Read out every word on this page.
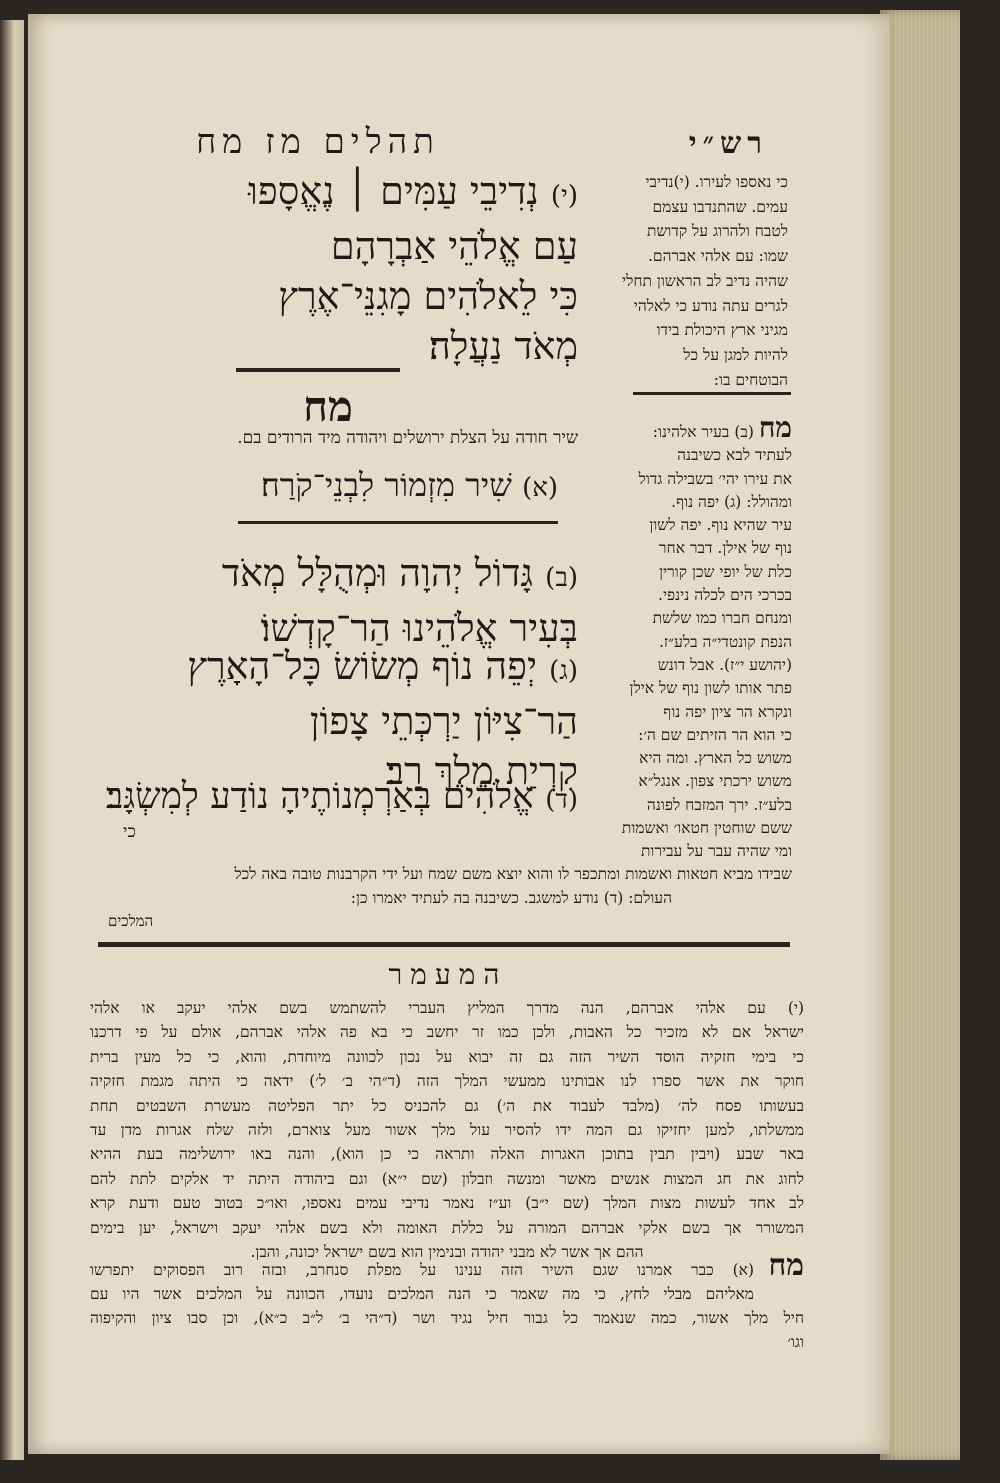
תהלים מז מח	רש״י
(י) נְדִיבֵי עַמִּים ׀ נֶאֱסָפוּ
עַם אֱלֹהֵי אַבְרָהָם
כִּי לֵאלֹהִים מָגִנֵּי־אֶרֶץ
מְאֹד נַעֲלָה׃
מח
שיר חודה על הצלת ירושלים ויהודה מיד הרודים בם.
(א) שִׁיר מִזְמוֹר לִבְנֵי־קֹרַח׃
(ב) גָּדוֹל יְהוָה וּמְהֻלָּל מְאֹד
בְּעִיר אֱלֹהֵינוּ הַר־קָדְשׁוֹ׃
(ג) יְפֵה נוֹף מְשׂוֹשׂ כָּל־הָאָרֶץ
הַר־צִיּוֹן יַרְכְּתֵי צָפוֹן
קִרְיַת מֶלֶךְ רָב׃
(ד) אֱלֹהִים בְּאַרְמְנוֹתֶיהָ נוֹדַע לְמִשְׂגָּב׃
כי
כי נאספו לעירו. (י)נדיבי
עמים. שהתנדבו עצמם
לטבח ולהרוג על קדושת
שמו: עם אלהי אברהם.
שהיה נדיב לב הראשון תחלי
לגרים עתה נודע כי לאלהי
מגיני ארץ היכולת בידו
להיות למגן על כל
הבוטחים בו:
מח (ב) בעיר אלהינו:
לעתיד לבא כשיבנה
את עירו יהי׳ בשבילה גדול
ומהולל: (ג) יפה נוף.
עיר שהיא נוף. יפה לשון
נוף של אילן. דבר אחר
כלת של יופי שכן קורין
בכרכי הים לכלה נינפי.
ומנחם חברו כמו שלשת
הנפת קונטדי״ה בלע״ז.
(יהושע י״ז). אבל דונש
פתר אותו לשון נוף של אילן
ונקרא הר ציון יפה נוף
כי הוא הר הזיתים שם ה׳:
משוש כל הארץ. ומה היא
משוש ירכתי צפון. אנגל״א
בלע״ז. ירך המזבח לפונה
ששם שוחטין חטאו׳ ואשמות
ומי שהיה עבר על עבירות
שבידו מביא חטאות ואשמות ומתכפר לו והוא יוצא משם שמח ועל ידי הקרבנות טובה באה לכל
העולם: (ד) נודע למשגב. כשיבנה בה לעתיד יאמרו כן:
המלכים
המעמר
(י) עם אלהי אברהם, הנה מדרך המליץ העברי להשתמש בשם אלהי יעקב או אלהי
ישראל אם לא מזכיר כל האבות, ולכן כמו זר יחשב כי בא פה אלהי אברהם, אולם על פי דרכנו
כי בימי חזקיה הוסד השיר הזה גם זה יבוא על נכון לכוונה מיוחדת, והוא, כי כל מעין ברית
חוקר את אשר ספרו לנו אבותינו ממעשי המלך הזה (ד״הי ב׳ ל׳) ידאה כי היתה מגמת חזקיה
בעשותו פסח לה׳ (מלבד לעבוד את ה׳) גם להכניס כל יתר הפליטה מעשרת השבטים תחת
ממשלתו, למען יחזיקו גם המה ידו להסיר עול מלך אשור מעל צוארם, ולזה שלח אגרות מדן עד
באר שבע (ויבין תבין בתוכן האגרות האלה ותראה כי כן הוא), והנה באו ירושלימה בעת ההיא
לחוג את חג המצות אנשים מאשר ומנשה וזבלון (שם י״א) וגם ביהודה היתה יד אלקים לתת להם
לב אחד לעשות מצות המלך (שם י״ב) וע״ז נאמר נדיבי עמים נאספו, ואו״כ בטוב טעם ודעת קרא
המשורר אך בשם אלקי אברהם המורה על כללת האומה ולא בשם אלהי יעקב וישראל, יען בימים
ההם אך אשר לא מבני יהודה ובנימין הוא בשם ישראל יכונה, והבן.	מח
(א) כבר אמרנו שגם השיר הזה ענינו על מפלת סנחרב, ובזה רוב הפסוקים יתפרשו
מאליהם מבלי לחץ, כי מה שאמר כי הנה המלכים נועדו, הכוונה על המלכים אשר היו עם
חיל מלך אשור, כמה שנאמר כל גבור חיל נגיד ושר (ד״הי ב׳ ל״ב כ״א), וכן סבו ציון והקיפוה
וגו׳
